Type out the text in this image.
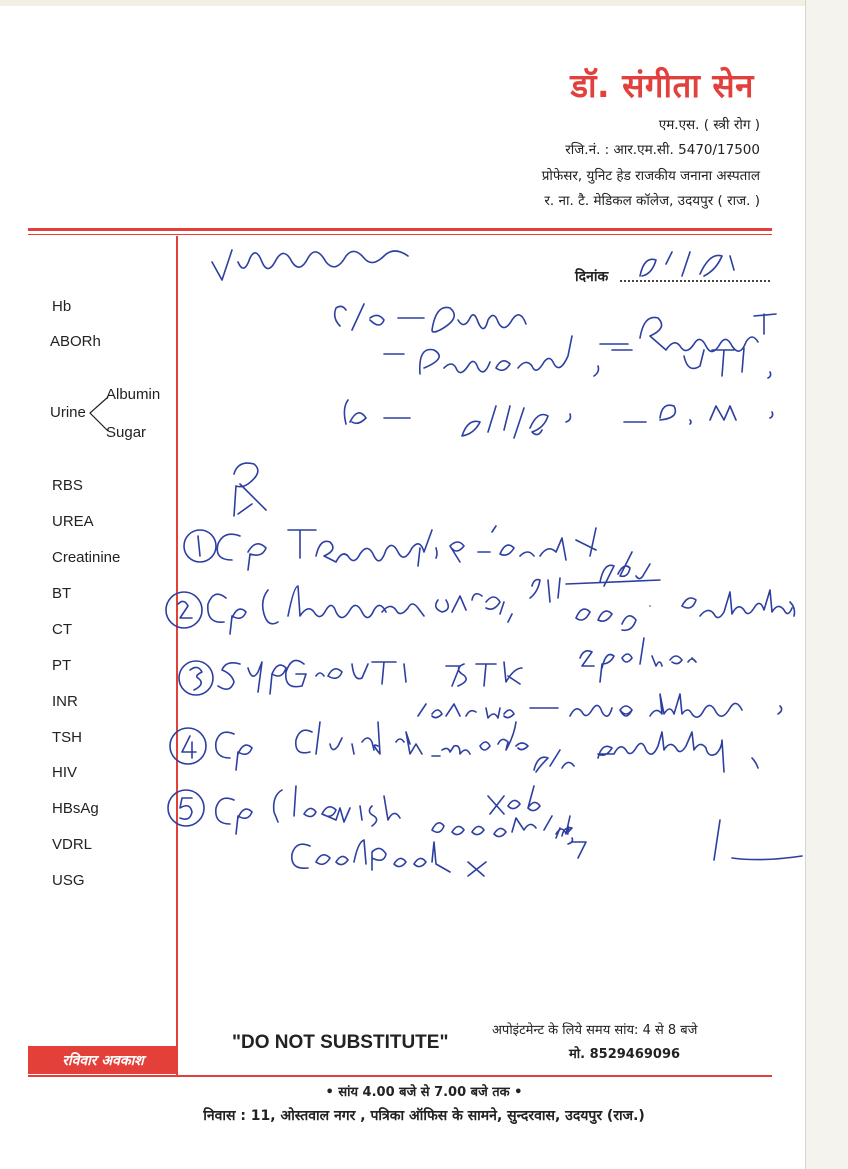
डॉ. संगीता सेन
एम.एस. ( स्त्री रोग )
रजि.नं. : आर.एम.सी. 5470/17500
प्रोफेसर, युनिट हेड राजकीय जनाना अस्पताल
र. ना. टै. मेडिकल कॉलेज, उदयपुर ( राज. )
दिनांक
Hb
ABORh
Urine
Albumin
Sugar
RBS
UREA
Creatinine
BT
CT
PT
INR
TSH
HIV
HBsAg
VDRL
USG
"DO NOT SUBSTITUTE"
अपोइंटमेन्ट के लिये समय सांय: 4 से 8 बजे
मो. 8529469096
रविवार अवकाश
• सांय 4.00 बजे से 7.00 बजे तक •
निवास : 11, ओस्तवाल नगर , पत्रिका ऑफिस के सामने, सुन्दरवास, उदयपुर (राज.)
